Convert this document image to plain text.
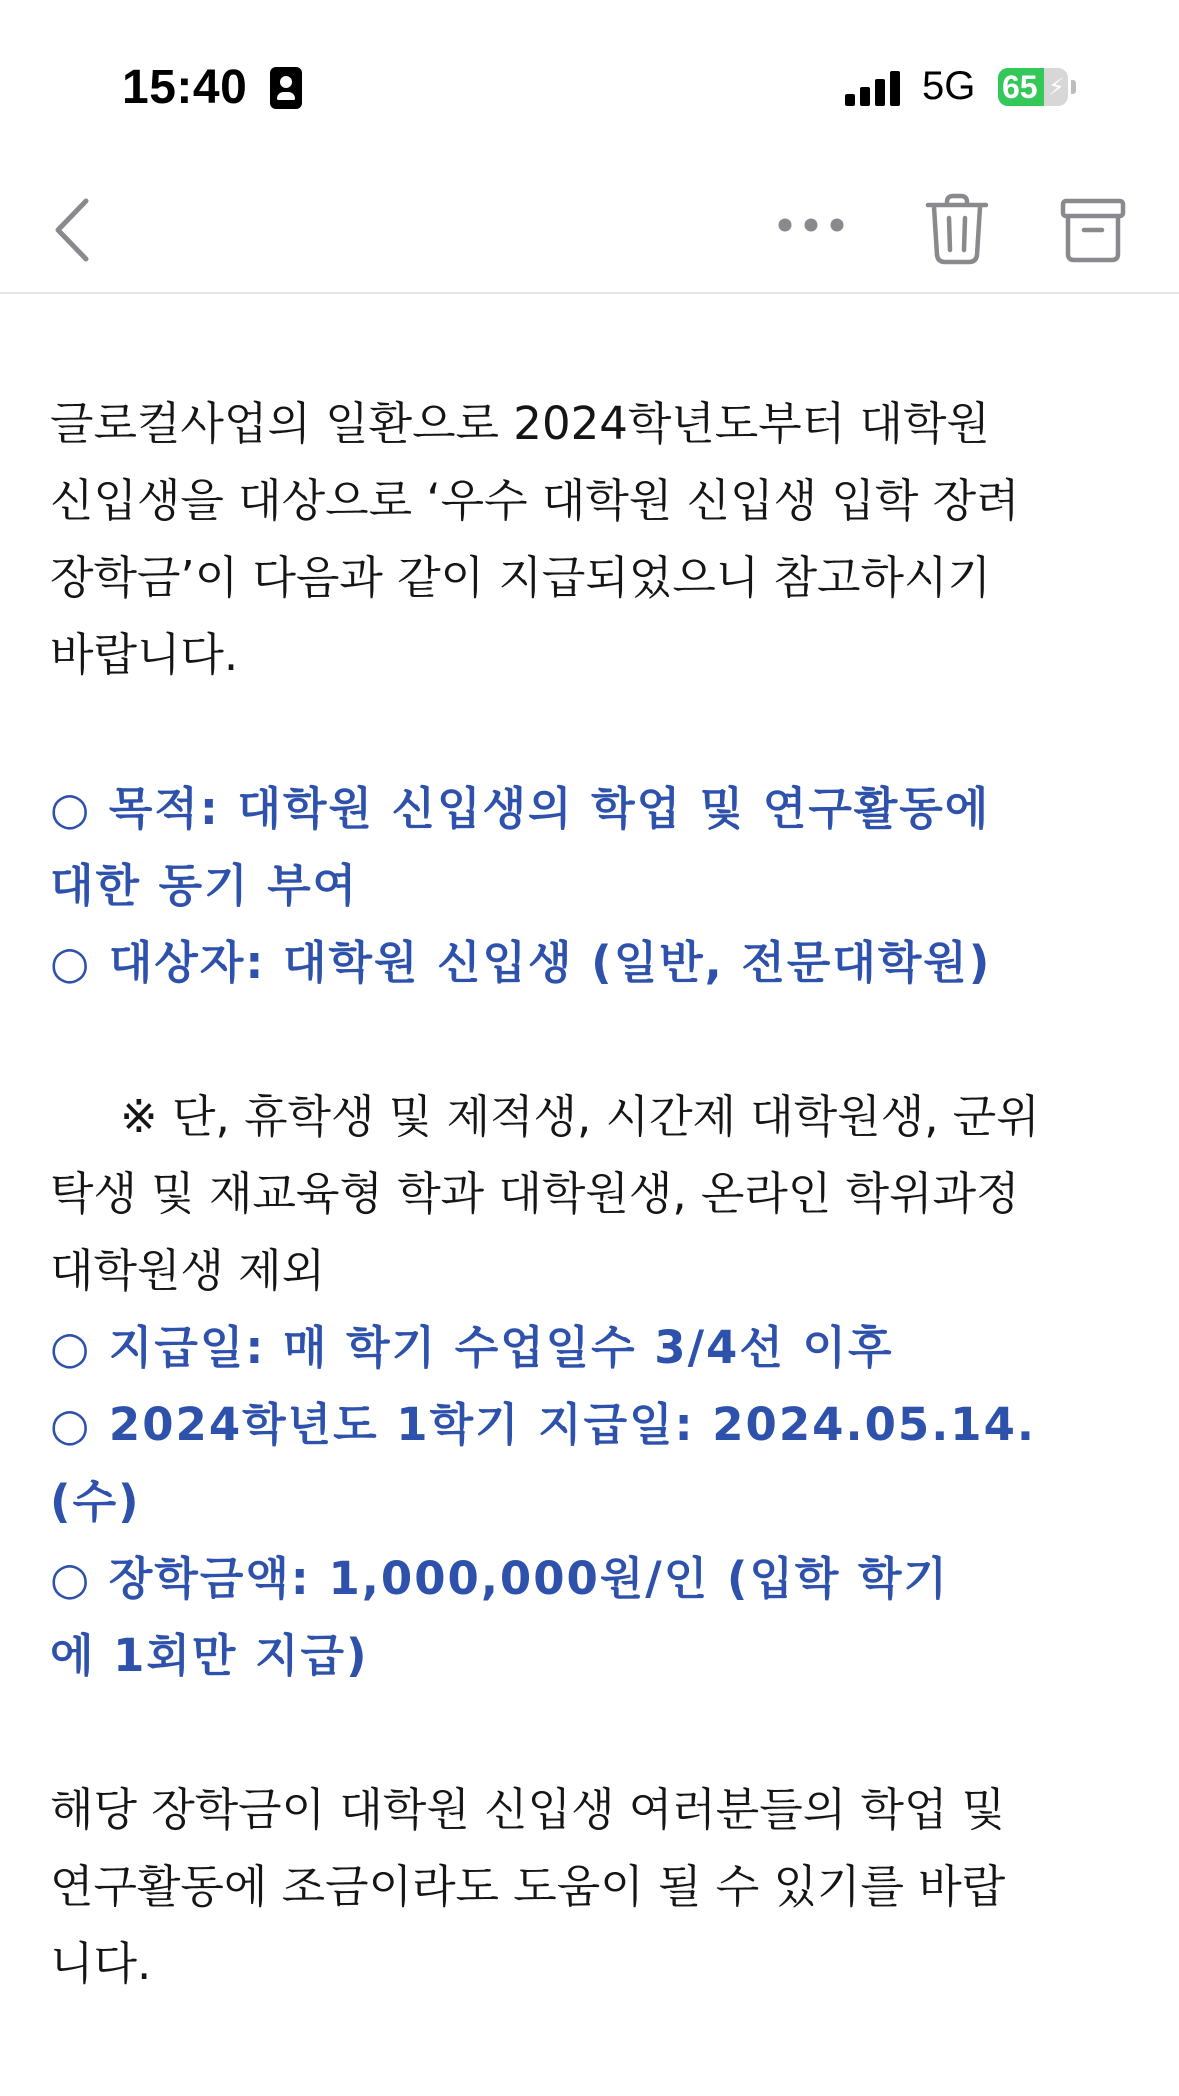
15:40	5G 65 ⚡

글로컬사업의 일환으로 2024학년도부터 대학원
신입생을 대상으로 ‘우수 대학원 신입생 입학 장려
장학금’이 다음과 같이 지급되었으니 참고하시기
바랍니다.

○ 목적: 대학원 신입생의 학업 및 연구활동에
대한 동기 부여

○ 대상자: 대학원 신입생 (일반, 전문대학원)

※ 단, 휴학생 및 제적생, 시간제 대학원생, 군위
탁생 및 재교육형 학과 대학원생, 온라인 학위과정
대학원생 제외

○ 지급일: 매 학기 수업일수 3/4선 이후

○ 2024학년도 1학기 지급일: 2024.05.14.
(수)

○ 장학금액: 1,000,000원/인 (입학 학기
에 1회만 지급)

해당 장학금이 대학원 신입생 여러분들의 학업 및
연구활동에 조금이라도 도움이 될 수 있기를 바랍
니다.
